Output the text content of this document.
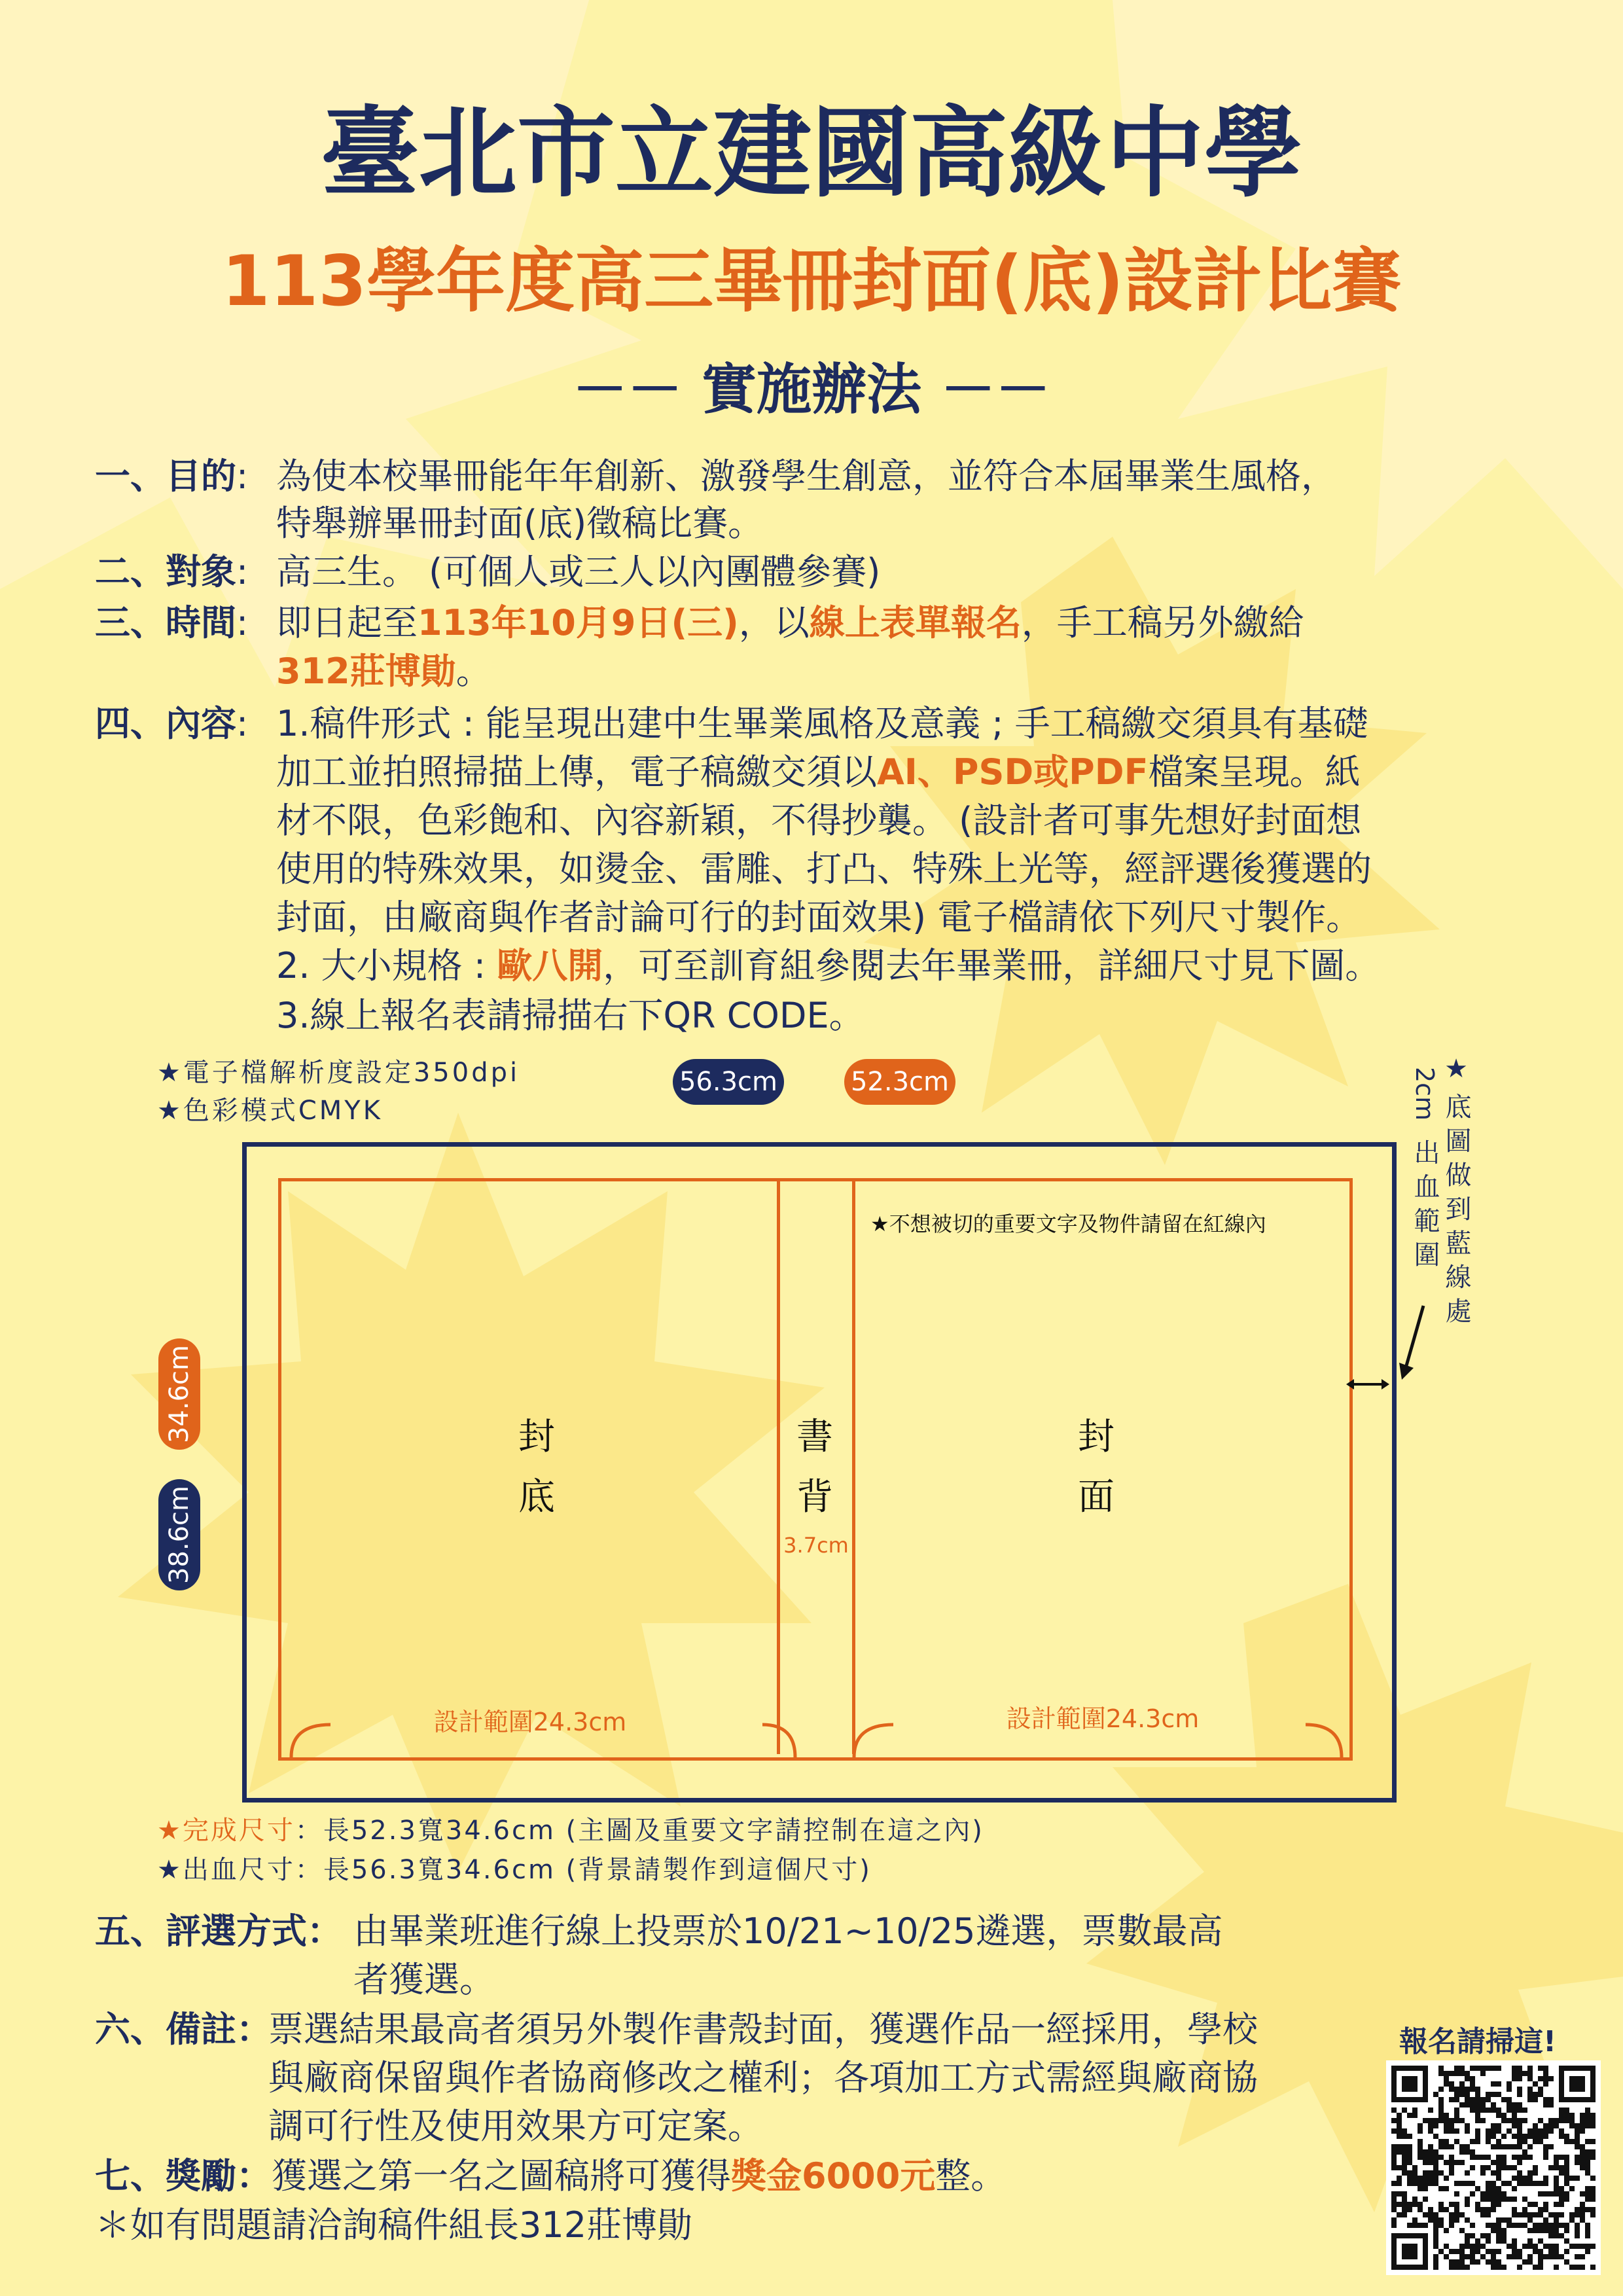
臺北市立建國高級中學
113學年度高三畢冊封面(底)設計比賽
－－ 實施辦法 －－
一、目的: 為使本校畢冊能年年創新、激發學生創意，並符合本屆畢業生風格，
特舉辦畢冊封面(底)徵稿比賽。
二、對象: 高三生。 (可個人或三人以內團體參賽)
三、時間: 即日起至113年10月9日(三)，以線上表單報名，手工稿另外繳給
312莊博勛。
四、內容: 1.稿件形式 : 能呈現出建中生畢業風格及意義 ; 手工稿繳交須具有基礎
加工並拍照掃描上傳，電子稿繳交須以AI、PSD或PDF檔案呈現。紙
材不限，色彩飽和、內容新穎，不得抄襲。 (設計者可事先想好封面想
使用的特殊效果，如燙金、雷雕、打凸、特殊上光等，經評選後獲選的
封面，由廠商與作者討論可行的封面效果) 電子檔請依下列尺寸製作。
2. 大小規格 : 歐八開，可至訓育組參閱去年畢業冊，詳細尺寸見下圖。
3.線上報名表請掃描右下QR CODE。
★電子檔解析度設定350dpi
★色彩模式CMYK
56.3cm	52.3cm	★
2cm
出血範圍 底圖做到藍線處
34.6cm
38.6cm
★不想被切的重要文字及物件請留在紅線內
封
底
書
背
3.7cm
封
面
設計範圍24.3cm	設計範圍24.3cm
★完成尺寸：長52.3寬34.6cm (主圖及重要文字請控制在這之內)
★出血尺寸：長56.3寬34.6cm (背景請製作到這個尺寸)
五、評選方式： 由畢業班進行線上投票於10/21~10/25遴選，票數最高
者獲選。
六、備註：
票選結果最高者須另外製作書殼封面，獲選作品一經採用，學校
與廠商保留與作者協商修改之權利；各項加工方式需經與廠商協
調可行性及使用效果方可定案。
七、獎勵：獲選之第一名之圖稿將可獲得獎金6000元整。
＊如有問題請洽詢稿件組長312莊博勛
報名請掃這!
